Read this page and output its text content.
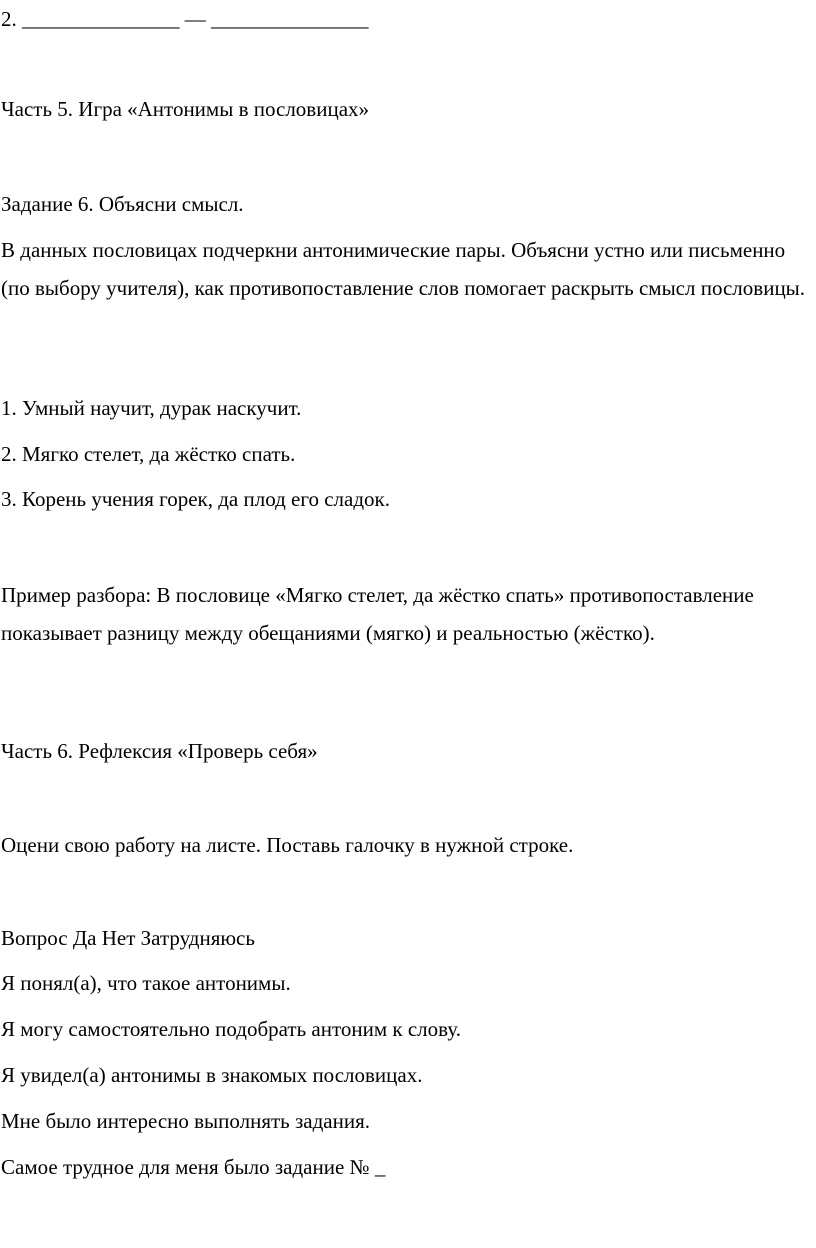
2. _______________ — _______________

Часть 5. Игра «Антонимы в пословицах»

Задание 6. Объясни смысл.

В данных пословицах подчеркни антонимические пары. Объясни устно или письменно (по выбору учителя), как противопоставление слов помогает раскрыть смысл пословицы.

1. Умный научит, дурак наскучит.

2. Мягко стелет, да жёстко спать.

3. Корень учения горек, да плод его сладок.

Пример разбора: В пословице «Мягко стелет, да жёстко спать» противопоставление показывает разницу между обещаниями (мягко) и реальностью (жёстко).

Часть 6. Рефлексия «Проверь себя»

Оцени свою работу на листе. Поставь галочку в нужной строке.

Вопрос Да Нет Затрудняюсь

Я понял(а), что такое антонимы.

Я могу самостоятельно подобрать антоним к слову.

Я увидел(а) антонимы в знакомых пословицах.

Мне было интересно выполнять задания.

Самое трудное для меня было задание № _
